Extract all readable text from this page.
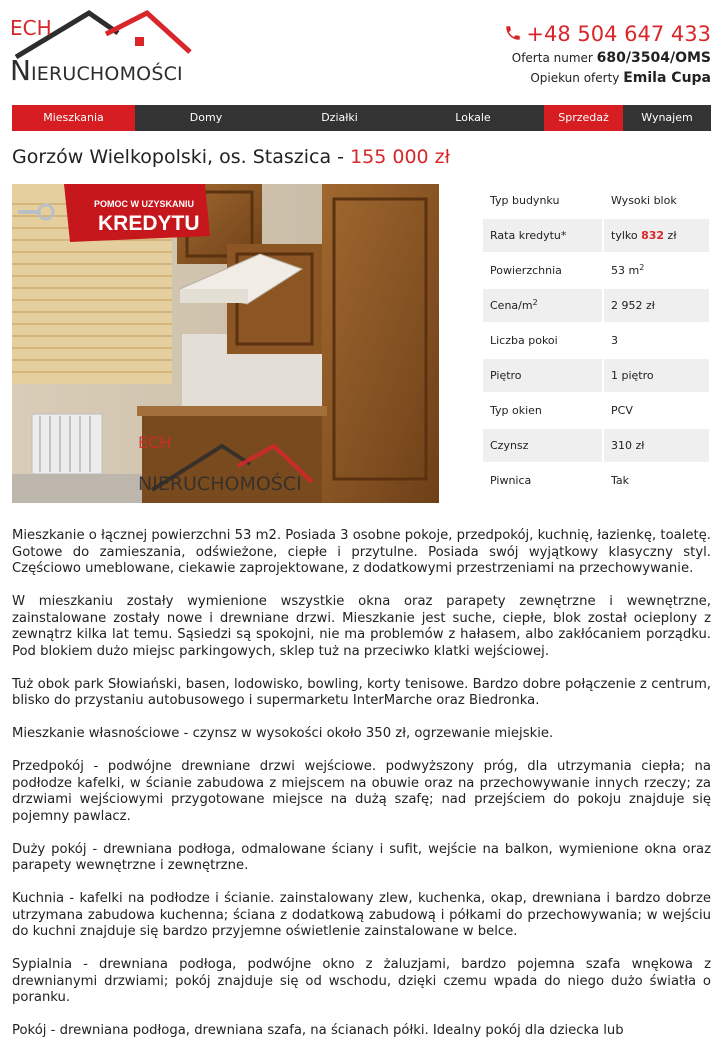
ECH
NIERUCHOMOŚCI
+48 504 647 433
Oferta numer 680/3504/OMS
Opiekun oferty Emila Cupa
Mieszkania	Domy	Działki	Lokale	Sprzedaż	Wynajem
Gorzów Wielkopolski, os. Staszica - 155 000 zł
POMOC W UZYSKANIU
KREDYTU
ECH
NIERUCHOMOŚCI
Typ budynku	Wysoki blok
Rata kredytu*	tylko 832 zł
Powierzchnia	53 $m^2$
Cena/$m^2$	2 952 zł
Liczba pokoi	3
Piętro	1 piętro
Typ okien	PCV
Czynsz	310 zł
Piwnica	Tak

Mieszkanie o łącznej powierzchni 53 m2. Posiada 3 osobne pokoje, przedpokój, kuchnię, łazienkę, toaletę. Gotowe do zamieszania, odświeżone, ciepłe i przytulne. Posiada swój wyjątkowy klasyczny styl. Częściowo umeblowane, ciekawie zaprojektowane, z dodatkowymi przestrzeniami na przechowywanie.

W mieszkaniu zostały wymienione wszystkie okna oraz parapety zewnętrzne i wewnętrzne, zainstalowane zostały nowe i drewniane drzwi. Mieszkanie jest suche, ciepłe, blok został ocieplony z zewnątrz kilka lat temu. Sąsiedzi są spokojni, nie ma problemów z hałasem, albo zakłócaniem porządku. Pod blokiem dużo miejsc parkingowych, sklep tuż na przeciwko klatki wejściowej.

Tuż obok park Słowiański, basen, lodowisko, bowling, korty tenisowe. Bardzo dobre połączenie z centrum, blisko do przystaniu autobusowego i supermarketu InterMarche oraz Biedronka.

Mieszkanie własnościowe - czynsz w wysokości około 350 zł, ogrzewanie miejskie.

Przedpokój - podwójne drewniane drzwi wejściowe. podwyższony próg, dla utrzymania ciepła; na podłodze kafelki, w ścianie zabudowa z miejscem na obuwie oraz na przechowywanie innych rzeczy; za drzwiami wejściowymi przygotowane miejsce na dużą szafę; nad przejściem do pokoju znajduje się pojemny pawlacz.

Duży pokój - drewniana podłoga, odmalowane ściany i sufit, wejście na balkon, wymienione okna oraz parapety wewnętrzne i zewnętrzne.

Kuchnia - kafelki na podłodze i ścianie. zainstalowany zlew, kuchenka, okap, drewniana i bardzo dobrze utrzymana zabudowa kuchenna; ściana z dodatkową zabudową i półkami do przechowywania; w wejściu do kuchni znajduje się bardzo przyjemne oświetlenie zainstalowane w belce.

Sypialnia - drewniana podłoga, podwójne okno z żaluzjami, bardzo pojemna szafa wnękowa z drewnianymi drzwiami; pokój znajduje się od wschodu, dzięki czemu wpada do niego dużo światła o poranku.

Pokój - drewniana podłoga, drewniana szafa, na ścianach półki. Idealny pokój dla dziecka lub
